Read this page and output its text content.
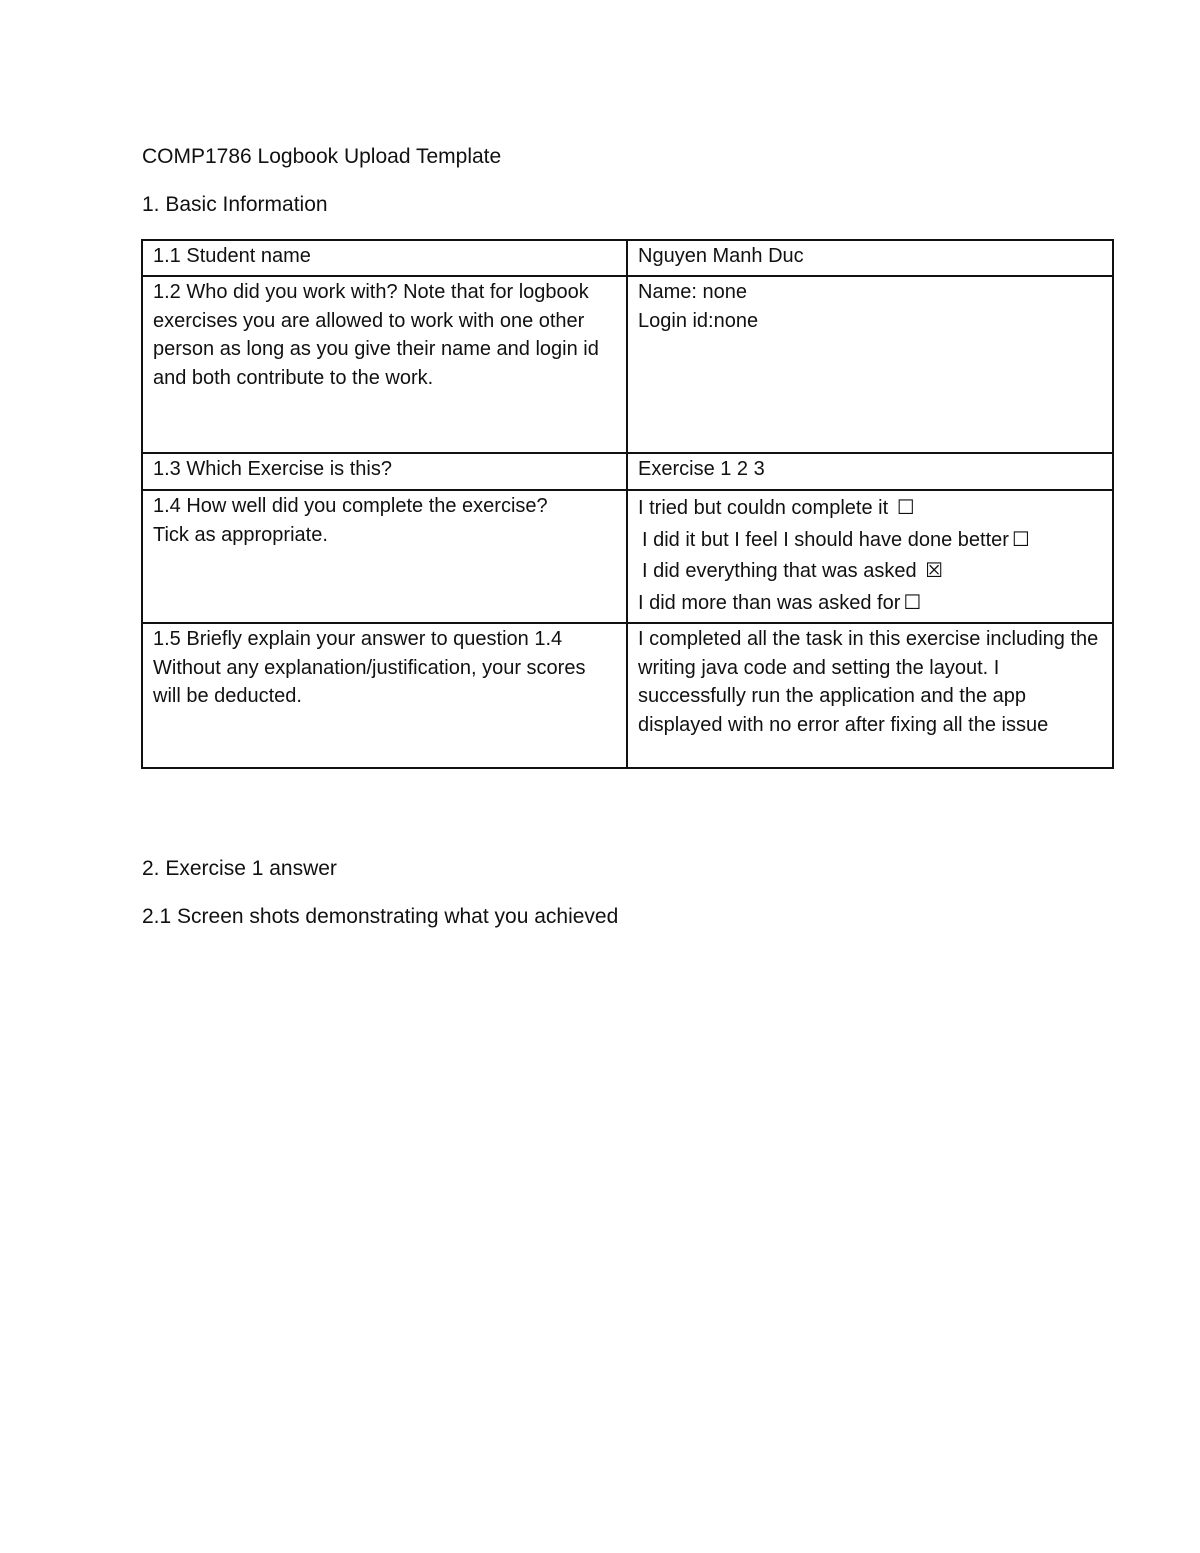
COMP1786 Logbook Upload Template
1. Basic Information
1.1 Student name	Nguyen Manh Duc
1.2 Who did you work with? Note that for logbook exercises you are allowed to work with one other person as long as you give their name and login id and both contribute to the work.	Name: none
Login id:none

1.3 Which Exercise is this?	Exercise 1 2 3

1.4 How well did you complete the exercise?
Tick as appropriate.	I tried but couldn complete it ☐
I did it but I feel I should have done better ☐
I did everything that was asked ☒
I did more than was asked for ☐

1.5 Briefly explain your answer to question 1.4 Without any explanation/justification, your scores will be deducted.	I completed all the task in this exercise including the writing java code and setting the layout. I successfully run the application and the app displayed with no error after fixing all the issue
2. Exercise 1 answer
2.1 Screen shots demonstrating what you achieved
